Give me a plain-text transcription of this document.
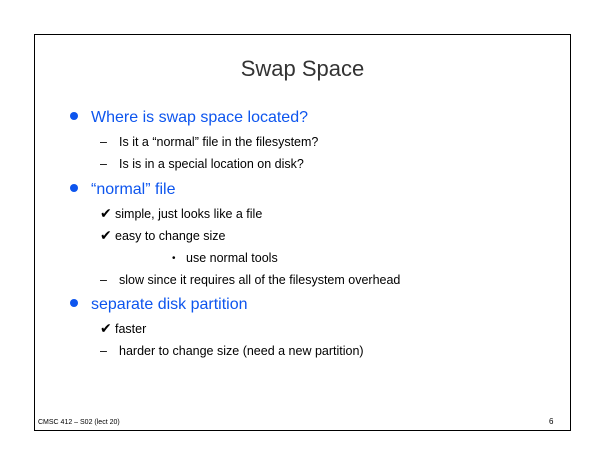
Swap Space
Where is swap space located?
– Is it a “normal” file in the filesystem?
– Is is in a special location on disk?
“normal” file
✔ simple, just looks like a file
✔ easy to change size
• use normal tools
– slow since it requires all of the filesystem overhead
separate disk partition
✔ faster
– harder to change size (need a new partition)
CMSC 412 – S02 (lect 20)	6
